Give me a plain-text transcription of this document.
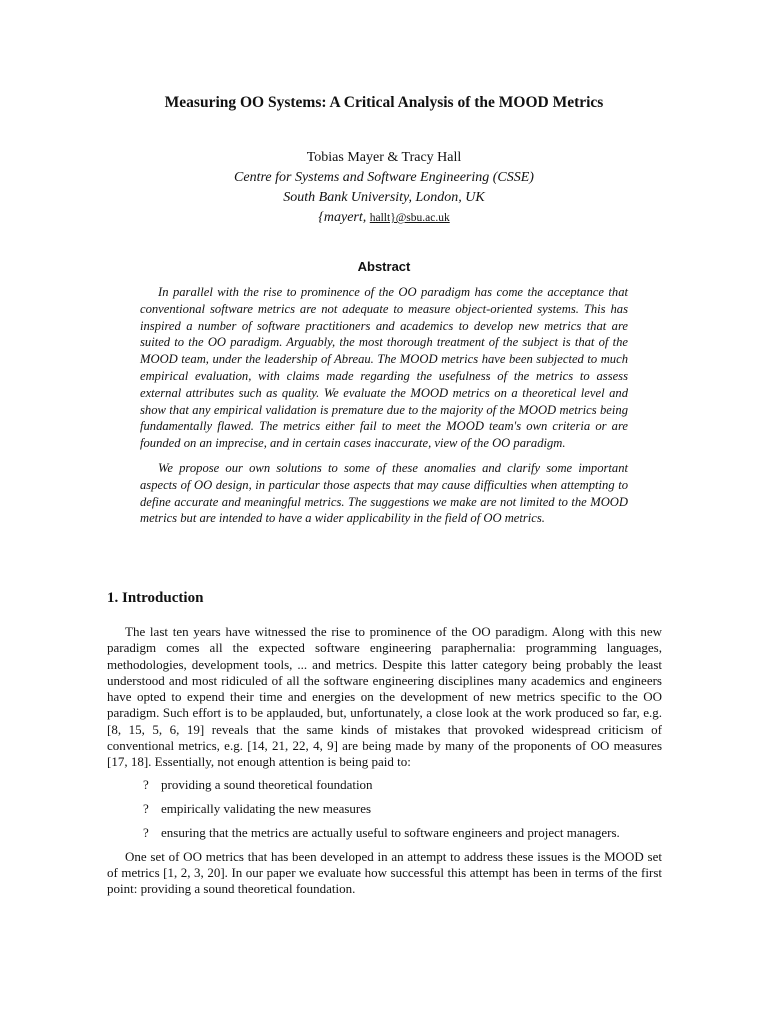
Measuring OO Systems: A Critical Analysis of the MOOD Metrics
Tobias Mayer & Tracy Hall
Centre for Systems and Software Engineering (CSSE)
South Bank University, London, UK
{mayert, hallt}@sbu.ac.uk
Abstract

In parallel with the rise to prominence of the OO paradigm has come the acceptance that conventional software metrics are not adequate to measure object-oriented systems. This has inspired a number of software practitioners and academics to develop new metrics that are suited to the OO paradigm. Arguably, the most thorough treatment of the subject is that of the MOOD team, under the leadership of Abreau. The MOOD metrics have been subjected to much empirical evaluation, with claims made regarding the usefulness of the metrics to assess external attributes such as quality. We evaluate the MOOD metrics on a theoretical level and show that any empirical validation is premature due to the majority of the MOOD metrics being fundamentally flawed. The metrics either fail to meet the MOOD team's own criteria or are founded on an imprecise, and in certain cases inaccurate, view of the OO paradigm.

We propose our own solutions to some of these anomalies and clarify some important aspects of OO design, in particular those aspects that may cause difficulties when attempting to define accurate and meaningful metrics. The suggestions we make are not limited to the MOOD metrics but are intended to have a wider applicability in the field of OO metrics.

1. Introduction

The last ten years have witnessed the rise to prominence of the OO paradigm. Along with this new paradigm comes all the expected software engineering paraphernalia: programming languages, methodologies, development tools, ... and metrics. Despite this latter category being probably the least understood and most ridiculed of all the software engineering disciplines many academics and engineers have opted to expend their time and energies on the development of new metrics specific to the OO paradigm. Such effort is to be applauded, but, unfortunately, a close look at the work produced so far, e.g. [8, 15, 5, 6, 19] reveals that the same kinds of mistakes that provoked widespread criticism of conventional metrics, e.g. [14, 21, 22, 4, 9] are being made by many of the proponents of OO measures [17, 18]. Essentially, not enough attention is being paid to:

? providing a sound theoretical foundation
? empirically validating the new measures
? ensuring that the metrics are actually useful to software engineers and project managers.

One set of OO metrics that has been developed in an attempt to address these issues is the MOOD set of metrics [1, 2, 3, 20]. In our paper we evaluate how successful this attempt has been in terms of the first point: providing a sound theoretical foundation.
